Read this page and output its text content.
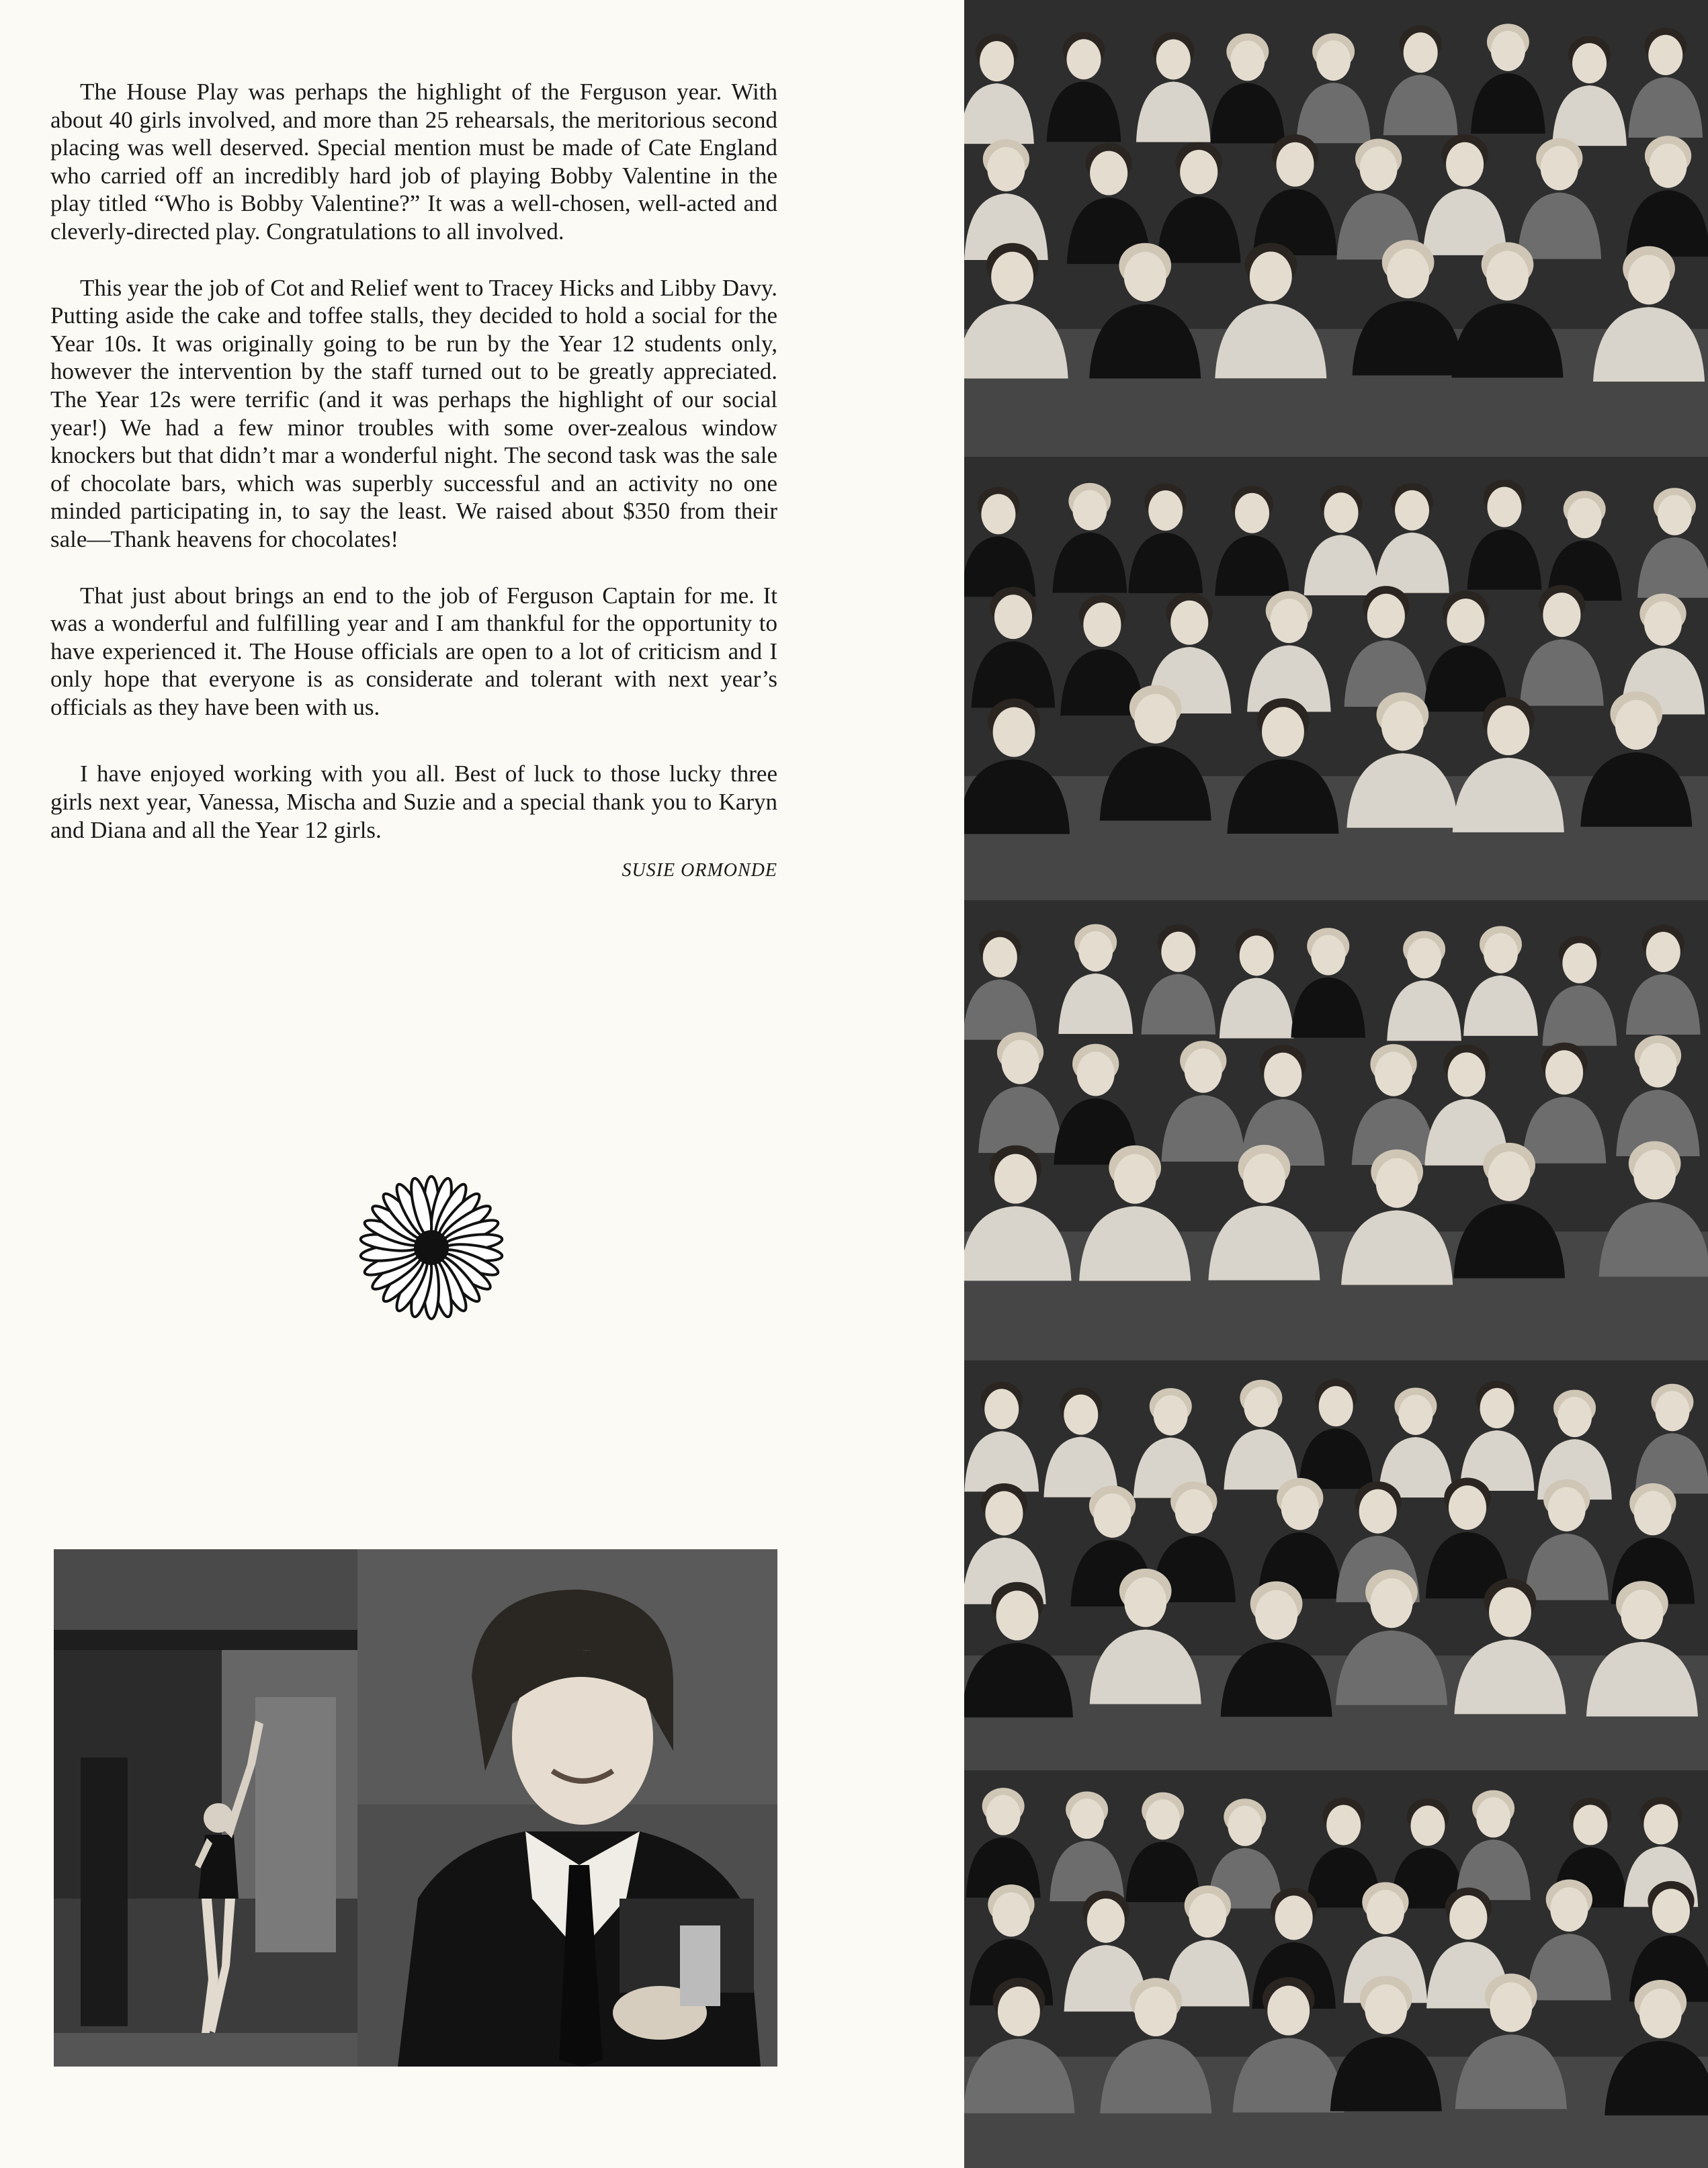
The House Play was perhaps the highlight of the Ferguson year. With about 40 girls involved, and more than 25 rehearsals, the meritorious second placing was well deserved. Special mention must be made of Cate England who carried off an incredibly hard job of playing Bobby Valentine in the play titled “Who is Bobby Valentine?” It was a well-chosen, well-acted and cleverly-directed play. Congratulations to all involved.

This year the job of Cot and Relief went to Tracey Hicks and Libby Davy. Putting aside the cake and toffee stalls, they decided to hold a social for the Year 10s. It was originally going to be run by the Year 12 students only, however the intervention by the staff turned out to be greatly appreciated. The Year 12s were terrific (and it was perhaps the highlight of our social year!) We had a few minor troubles with some over-zealous window knockers but that didn’t mar a wonderful night. The second task was the sale of chocolate bars, which was superbly successful and an activity no one minded participating in, to say the least. We raised about $350 from their sale—Thank heavens for chocolates!

That just about brings an end to the job of Ferguson Captain for me. It was a wonderful and fulfilling year and I am thankful for the opportunity to have experienced it. The House officials are open to a lot of criticism and I only hope that everyone is as considerate and tolerant with next year’s officials as they have been with us.

I have enjoyed working with you all. Best of luck to those lucky three girls next year, Vanessa, Mischa and Suzie and a special thank you to Karyn and Diana and all the Year 12 girls.

SUSIE ORMONDE
